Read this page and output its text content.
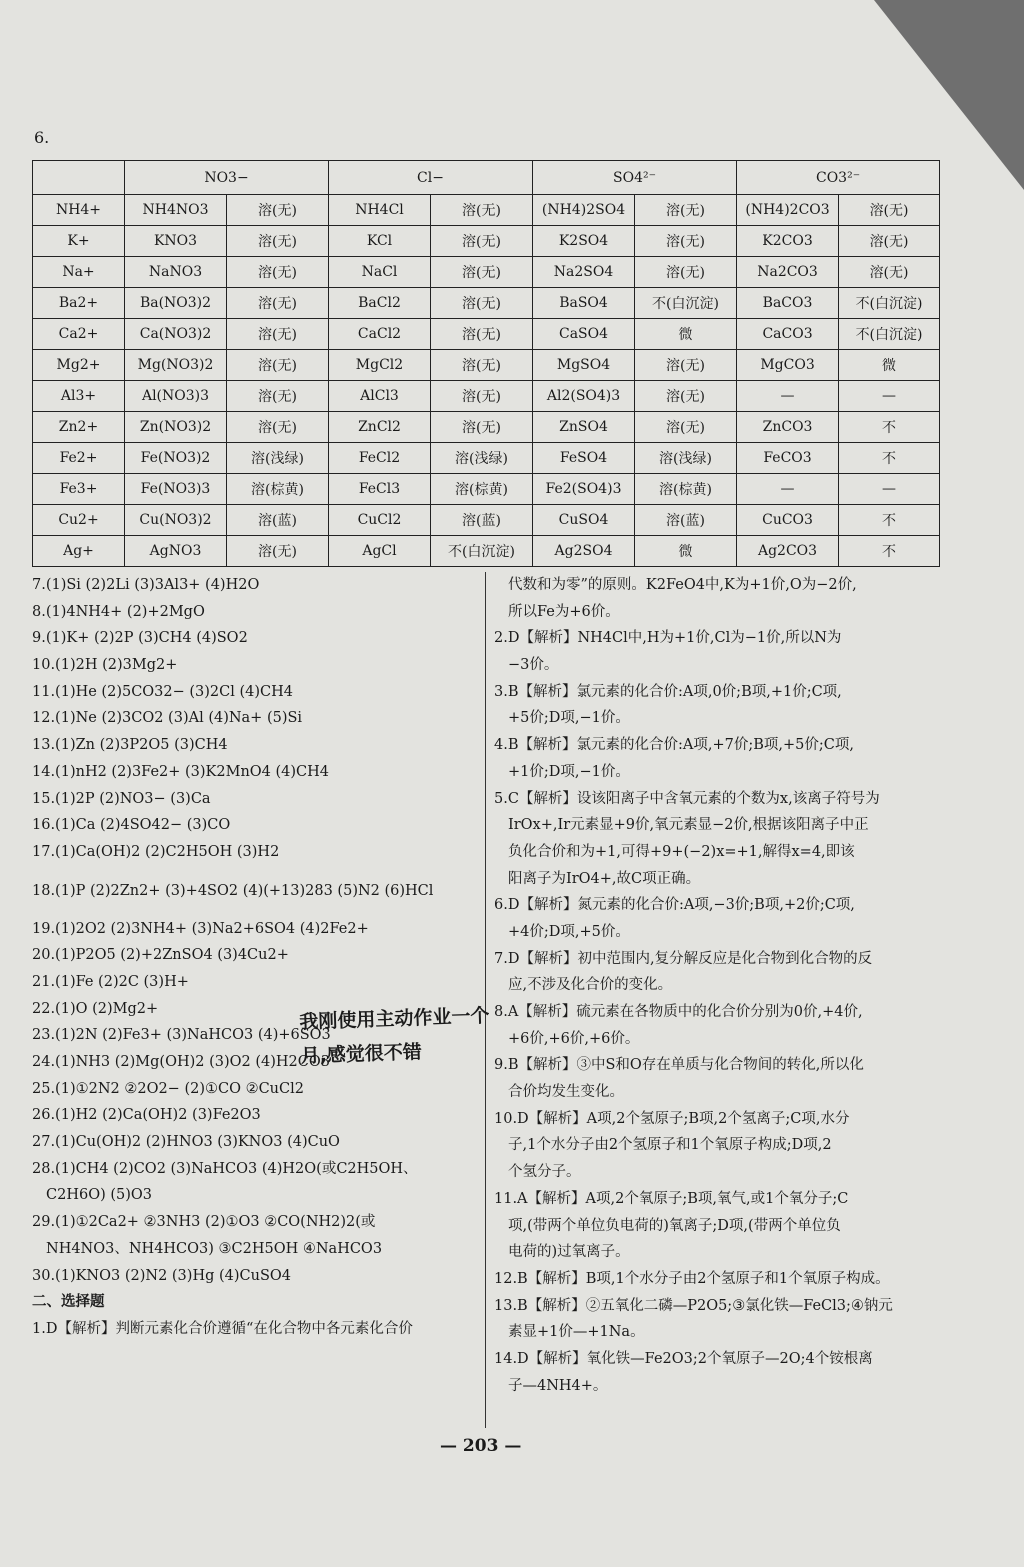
6.
	NO3−		Cl−		SO4²⁻		CO3²⁻	
NH4+	NH4NO3	溶(无)	NH4Cl	溶(无)	(NH4)2SO4	溶(无)	(NH4)2CO3	溶(无)
K+	KNO3	溶(无)	KCl	溶(无)	K2SO4	溶(无)	K2CO3	溶(无)
Na+	NaNO3	溶(无)	NaCl	溶(无)	Na2SO4	溶(无)	Na2CO3	溶(无)
Ba2+	Ba(NO3)2	溶(无)	BaCl2	溶(无)	BaSO4	不(白沉淀)	BaCO3	不(白沉淀)
Ca2+	Ca(NO3)2	溶(无)	CaCl2	溶(无)	CaSO4	微	CaCO3	不(白沉淀)
Mg2+	Mg(NO3)2	溶(无)	MgCl2	溶(无)	MgSO4	溶(无)	MgCO3	微
Al3+	Al(NO3)3	溶(无)	AlCl3	溶(无)	Al2(SO4)3	溶(无)	—	—
Zn2+	Zn(NO3)2	溶(无)	ZnCl2	溶(无)	ZnSO4	溶(无)	ZnCO3	不
Fe2+	Fe(NO3)2	溶(浅绿)	FeCl2	溶(浅绿)	FeSO4	溶(浅绿)	FeCO3	不
Fe3+	Fe(NO3)3	溶(棕黄)	FeCl3	溶(棕黄)	Fe2(SO4)3	溶(棕黄)	—	—
Cu2+	Cu(NO3)2	溶(蓝)	CuCl2	溶(蓝)	CuSO4	溶(蓝)	CuCO3	不
Ag+	AgNO3	溶(无)	AgCl	不(白沉淀)	Ag2SO4	微	Ag2CO3	不
7.(1)Si (2)2Li (3)3Al3+ (4)H2O
8.(1)4NH4+ (2)+2MgO
9.(1)K+ (2)2P (3)CH4 (4)SO2
10.(1)2H (2)3Mg2+
11.(1)He (2)5CO32− (3)2Cl (4)CH4
12.(1)Ne (2)3CO2 (3)Al (4)Na+ (5)Si
13.(1)Zn (2)3P2O5 (3)CH4
14.(1)nH2 (2)3Fe2+ (3)K2MnO4 (4)CH4
15.(1)2P (2)NO3− (3)Ca
16.(1)Ca (2)4SO42− (3)CO
17.(1)Ca(OH)2 (2)C2H5OH (3)H2
18.(1)P (2)2Zn2+ (3)+4SO2 (4)(+13)283 (5)N2 (6)HCl
19.(1)2O2 (2)3NH4+ (3)Na2+6SO4 (4)2Fe2+
20.(1)P2O5 (2)+2ZnSO4 (3)4Cu2+
21.(1)Fe (2)2C (3)H+
22.(1)O (2)Mg2+
23.(1)2N (2)Fe3+ (3)NaHCO3 (4)+6SO3
24.(1)NH3 (2)Mg(OH)2 (3)O2 (4)H2CO3
25.(1)①2N2 ②2O2− (2)①CO ②CuCl2
26.(1)H2 (2)Ca(OH)2 (3)Fe2O3
27.(1)Cu(OH)2 (2)HNO3 (3)KNO3 (4)CuO
28.(1)CH4 (2)CO2 (3)NaHCO3 (4)H2O(或C2H5OH、
C2H6O) (5)O3
29.(1)①2Ca2+ ②3NH3 (2)①O3 ②CO(NH2)2(或
NH4NO3、NH4HCO3) ③C2H5OH ④NaHCO3
30.(1)KNO3 (2)N2 (3)Hg (4)CuSO4
二、选择题
1.D【解析】判断元素化合价遵循“在化合物中各元素化合价
代数和为零”的原则。K2FeO4中,K为+1价,O为−2价,
所以Fe为+6价。
2.D【解析】NH4Cl中,H为+1价,Cl为−1价,所以N为
−3价。
3.B【解析】氯元素的化合价:A项,0价;B项,+1价;C项,
+5价;D项,−1价。
4.B【解析】氯元素的化合价:A项,+7价;B项,+5价;C项,
+1价;D项,−1价。
5.C【解析】设该阳离子中含氧元素的个数为x,该离子符号为
IrOx+,Ir元素显+9价,氧元素显−2价,根据该阳离子中正
负化合价和为+1,可得+9+(−2)x=+1,解得x=4,即该
阳离子为IrO4+,故C项正确。
6.D【解析】氮元素的化合价:A项,−3价;B项,+2价;C项,
+4价;D项,+5价。
7.D【解析】初中范围内,复分解反应是化合物到化合物的反
应,不涉及化合价的变化。
8.A【解析】硫元素在各物质中的化合价分别为0价,+4价,
+6价,+6价,+6价。
9.B【解析】③中S和O存在单质与化合物间的转化,所以化
合价均发生变化。
10.D【解析】A项,2个氢原子;B项,2个氢离子;C项,水分
子,1个水分子由2个氢原子和1个氧原子构成;D项,2
个氢分子。
11.A【解析】A项,2个氧原子;B项,氧气,或1个氧分子;C
项,(带两个单位负电荷的)氧离子;D项,(带两个单位负
电荷的)过氧离子。
12.B【解析】B项,1个水分子由2个氢原子和1个氧原子构成。
13.B【解析】②五氧化二磷—P2O5;③氯化铁—FeCl3;④钠元
素显+1价—+1Na。
14.D【解析】氧化铁—Fe2O3;2个氧原子—2O;4个铵根离
子—4NH4+。
我刚使用主动作业一个月,感觉很不错
— 203 —
